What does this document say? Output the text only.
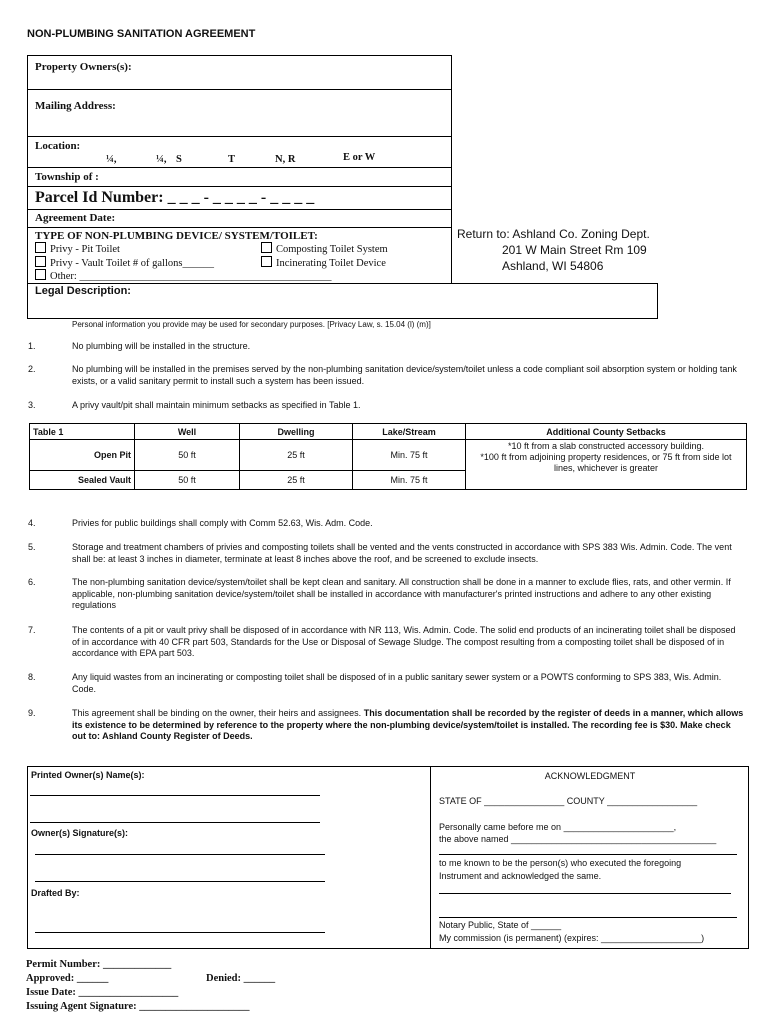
NON-PLUMBING SANITATION AGREEMENT
Property Owners(s):
Mailing Address:
Location:
¼,	¼, S	T	N, R	E or W
Township of :
Parcel Id Number: _ _ _ - _ _ _ _ - _ _ _ _
Agreement Date:
TYPE OF NON-PLUMBING DEVICE/ SYSTEM/TOILET:
Privy - Pit Toilet
Privy - Vault Toilet # of gallons______
Other: ________________________________________________
Composting Toilet System
Incinerating Toilet Device
Return to: Ashland Co. Zoning Dept.
201 W Main Street Rm 109
Ashland, WI 54806
Legal Description:
Personal information you provide may be used for secondary purposes. [Privacy Law, s. 15.04 (l) (m)]
1.	No plumbing will be installed in the structure.
2.	No plumbing will be installed in the premises served by the non-plumbing sanitation device/system/toilet unless a code compliant soil absorption system or holding tank exists, or a valid sanitary permit to install such a system has been issued.
3.	A privy vault/pit shall maintain minimum setbacks as specified in Table 1.
Table 1	Well	Dwelling	Lake/Stream	Additional County Setbacks
Open Pit	50 ft	25 ft	Min. 75 ft	*10 ft from a slab constructed accessory building.
*100 ft from adjoining property residences, or 75 ft from side lot lines, whichever is greater

Sealed Vault	50 ft	25 ft	Min. 75 ft	
4.	Privies for public buildings shall comply with Comm 52.63, Wis. Adm. Code.
5.	Storage and treatment chambers of privies and composting toilets shall be vented and the vents constructed in accordance with SPS 383 Wis. Admin. Code. The vent shall be: at least 3 inches in diameter, terminate at least 8 inches above the roof, and be screened to exclude insects.
6.	The non-plumbing sanitation device/system/toilet shall be kept clean and sanitary. All construction shall be done in a manner to exclude flies, rats, and other vermin. If applicable, non-plumbing sanitation device/system/toilet shall be installed in accordance with manufacturer's printed instructions and adhere to any other existing regulations
7.	The contents of a pit or vault privy shall be disposed of in accordance with NR 113, Wis. Admin. Code. The solid end products of an incinerating toilet shall be disposed of in accordance with 40 CFR part 503, Standards for the Use or Disposal of Sewage Sludge. The compost resulting from a composting toilet shall be disposed of in accordance with EPA part 503.
8.	Any liquid wastes from an incinerating or composting toilet shall be disposed of in a public sanitary sewer system or a POWTS conforming to SPS 383, Wis. Admin. Code.
9.	This agreement shall be binding on the owner, their heirs and assignees. This documentation shall be recorded by the register of deeds in a manner, which allows its existence to be determined by reference to the property where the non-plumbing device/system/toilet is installed. The recording fee is $30. Make check out to: Ashland County Register of Deeds.
Printed Owner(s) Name(s):
Owner(s) Signature(s):
Drafted By:
ACKNOWLEDGMENT
STATE OF ________________ COUNTY __________________
Personally came before me on ______________________,
the above named _________________________________________
to me known to be the person(s) who executed the foregoing
Instrument and acknowledged the same.
Notary Public, State of ______
My commission (is permanent) (expires: ____________________)
Permit Number: _____________
Approved: ______	Denied: ______
Issue Date: ___________________
Issuing Agent Signature: _____________________
